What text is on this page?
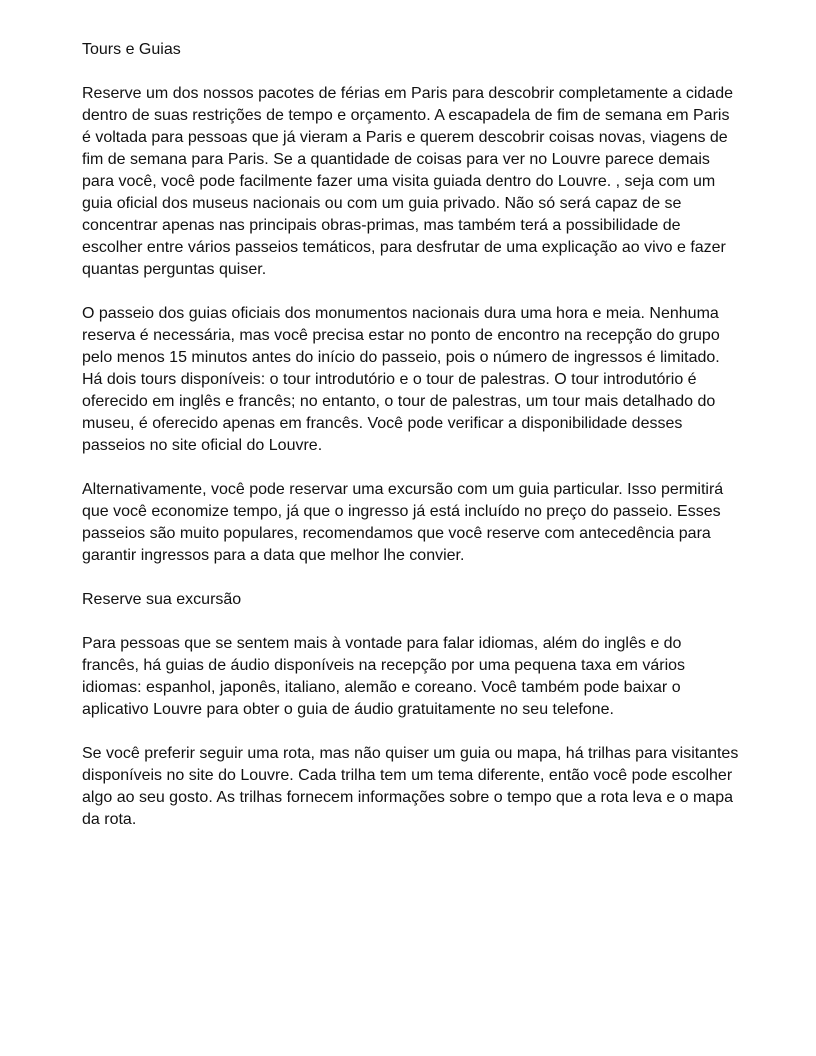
Tours e Guias

Reserve um dos nossos pacotes de férias em Paris para descobrir completamente a cidade dentro de suas restrições de tempo e orçamento. A escapadela de fim de semana em Paris é voltada para pessoas que já vieram a Paris e querem descobrir coisas novas, viagens de fim de semana para Paris. Se a quantidade de coisas para ver no Louvre parece demais para você, você pode facilmente fazer uma visita guiada dentro do Louvre. , seja com um guia oficial dos museus nacionais ou com um guia privado. Não só será capaz de se concentrar apenas nas principais obras-primas, mas também terá a possibilidade de escolher entre vários passeios temáticos, para desfrutar de uma explicação ao vivo e fazer quantas perguntas quiser.

O passeio dos guias oficiais dos monumentos nacionais dura uma hora e meia. Nenhuma reserva é necessária, mas você precisa estar no ponto de encontro na recepção do grupo pelo menos 15 minutos antes do início do passeio, pois o número de ingressos é limitado. Há dois tours disponíveis: o tour introdutório e o tour de palestras. O tour introdutório é oferecido em inglês e francês; no entanto, o tour de palestras, um tour mais detalhado do museu, é oferecido apenas em francês. Você pode verificar a disponibilidade desses passeios no site oficial do Louvre.

Alternativamente, você pode reservar uma excursão com um guia particular. Isso permitirá que você economize tempo, já que o ingresso já está incluído no preço do passeio. Esses passeios são muito populares, recomendamos que você reserve com antecedência para garantir ingressos para a data que melhor lhe convier.

Reserve sua excursão

Para pessoas que se sentem mais à vontade para falar idiomas, além do inglês e do francês, há guias de áudio disponíveis na recepção por uma pequena taxa em vários idiomas: espanhol, japonês, italiano, alemão e coreano. Você também pode baixar o aplicativo Louvre para obter o guia de áudio gratuitamente no seu telefone.

Se você preferir seguir uma rota, mas não quiser um guia ou mapa, há trilhas para visitantes disponíveis no site do Louvre. Cada trilha tem um tema diferente, então você pode escolher algo ao seu gosto. As trilhas fornecem informações sobre o tempo que a rota leva e o mapa da rota.
